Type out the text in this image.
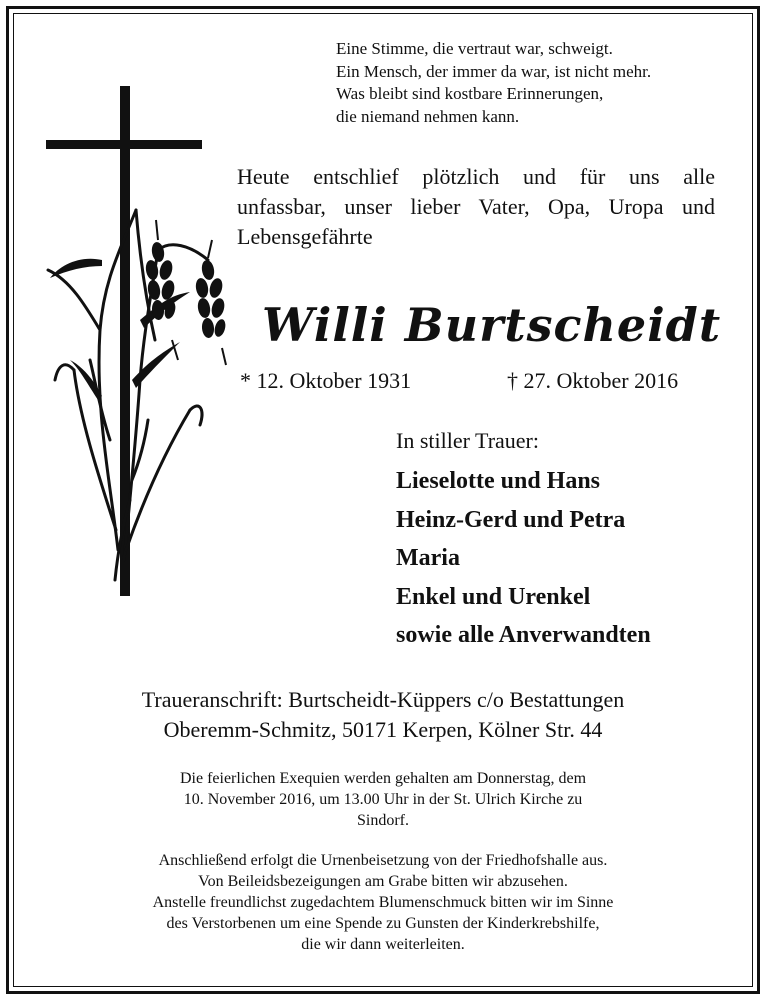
Eine Stimme, die vertraut war, schweigt.
Ein Mensch, der immer da war, ist nicht mehr.
Was bleibt sind kostbare Erinnerungen,
die niemand nehmen kann.
Heute entschlief plötzlich und für uns alle
unfassbar, unser lieber Vater, Opa, Uropa und
Lebensgefährte
Willi Burtscheidt
* 12. Oktober 1931	† 27. Oktober 2016
In stiller Trauer:
Lieselotte und Hans
Heinz-Gerd und Petra
Maria
Enkel und Urenkel
sowie alle Anverwandten
Traueranschrift: Burtscheidt-Küppers c/o Bestattungen
Oberemm-Schmitz, 50171 Kerpen, Kölner Str. 44
Die feierlichen Exequien werden gehalten am Donnerstag, dem
10. November 2016, um 13.00 Uhr in der St. Ulrich Kirche zu
Sindorf.
Anschließend erfolgt die Urnenbeisetzung von der Friedhofshalle aus.
Von Beileidsbezeigungen am Grabe bitten wir abzusehen.
Anstelle freundlichst zugedachtem Blumenschmuck bitten wir im Sinne
des Verstorbenen um eine Spende zu Gunsten der Kinderkrebshilfe,
die wir dann weiterleiten.
